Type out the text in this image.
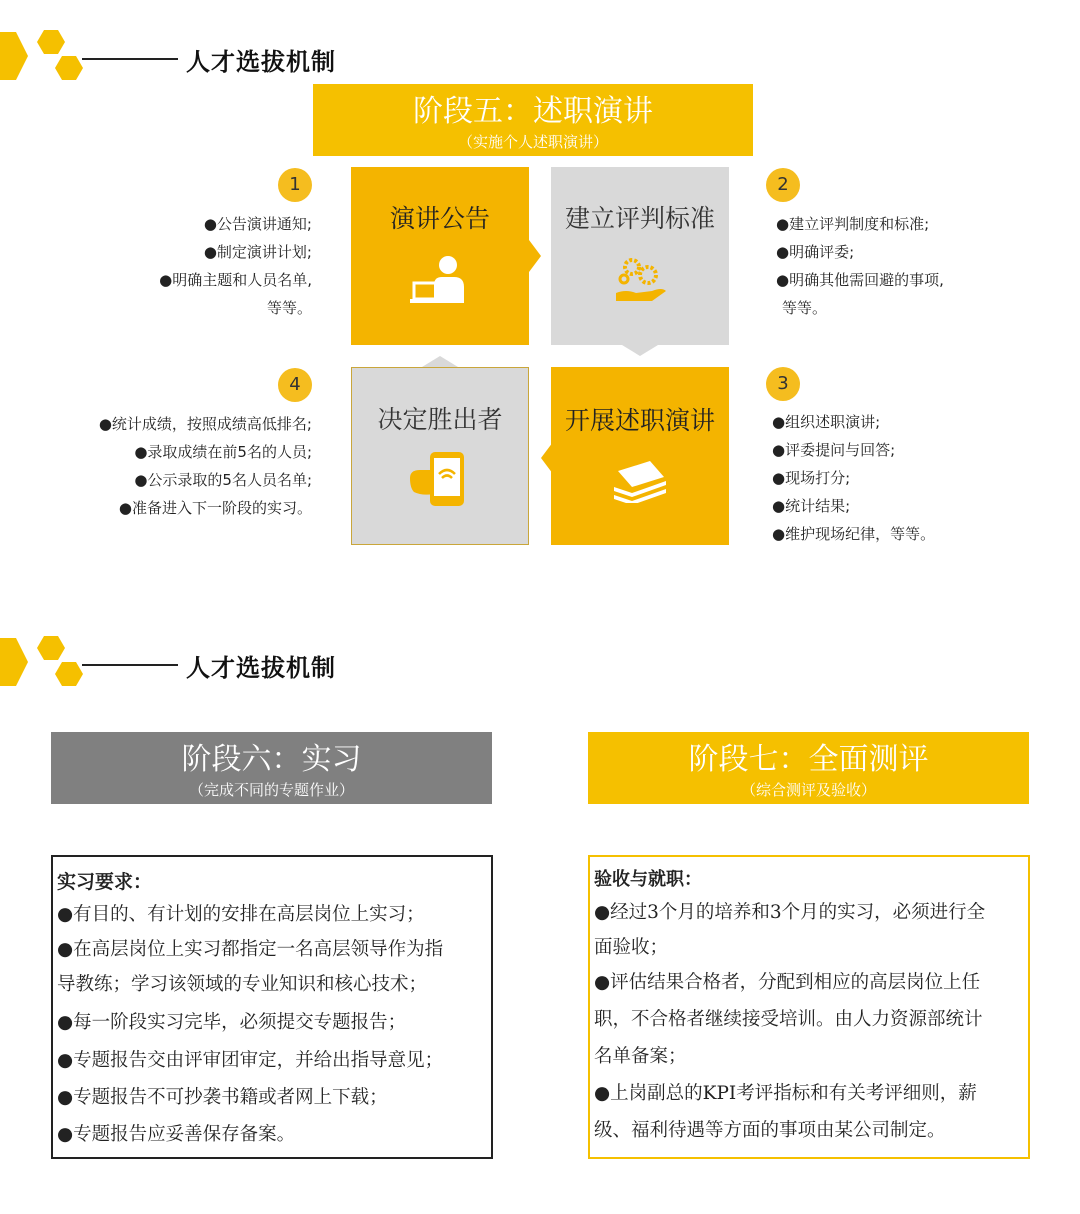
人才选拔机制
阶段五：述职演讲
（实施个人述职演讲）
演讲公告	建立评判标准
开展述职演讲
决定胜出者
1	2
3
4
●公告演讲通知;
●制定演讲计划;
●明确主题和人员名单,
等等。
●建立评判制度和标准;
●明确评委;
●明确其他需回避的事项,
等等。
●组织述职演讲;
●评委提问与回答;
●现场打分;
●统计结果;
●维护现场纪律，等等。
●统计成绩，按照成绩高低排名;
●录取成绩在前5名的人员;
●公示录取的5名人员名单;
●准备进入下一阶段的实习。
人才选拔机制
阶段六：实习
（完成不同的专题作业）
阶段七：全面测评
（综合测评及验收）
实习要求：
●有目的、有计划的安排在高层岗位上实习；
●在高层岗位上实习都指定一名高层领导作为指
导教练；学习该领域的专业知识和核心技术；
●每一阶段实习完毕，必须提交专题报告；
●专题报告交由评审团审定，并给出指导意见；
●专题报告不可抄袭书籍或者网上下载；
●专题报告应妥善保存备案。
验收与就职：
●经过3个月的培养和3个月的实习，必须进行全
面验收；
●评估结果合格者，分配到相应的高层岗位上任
职，不合格者继续接受培训。由人力资源部统计
名单备案；
●上岗副总的KPI考评指标和有关考评细则，薪
级、福利待遇等方面的事项由某公司制定。
